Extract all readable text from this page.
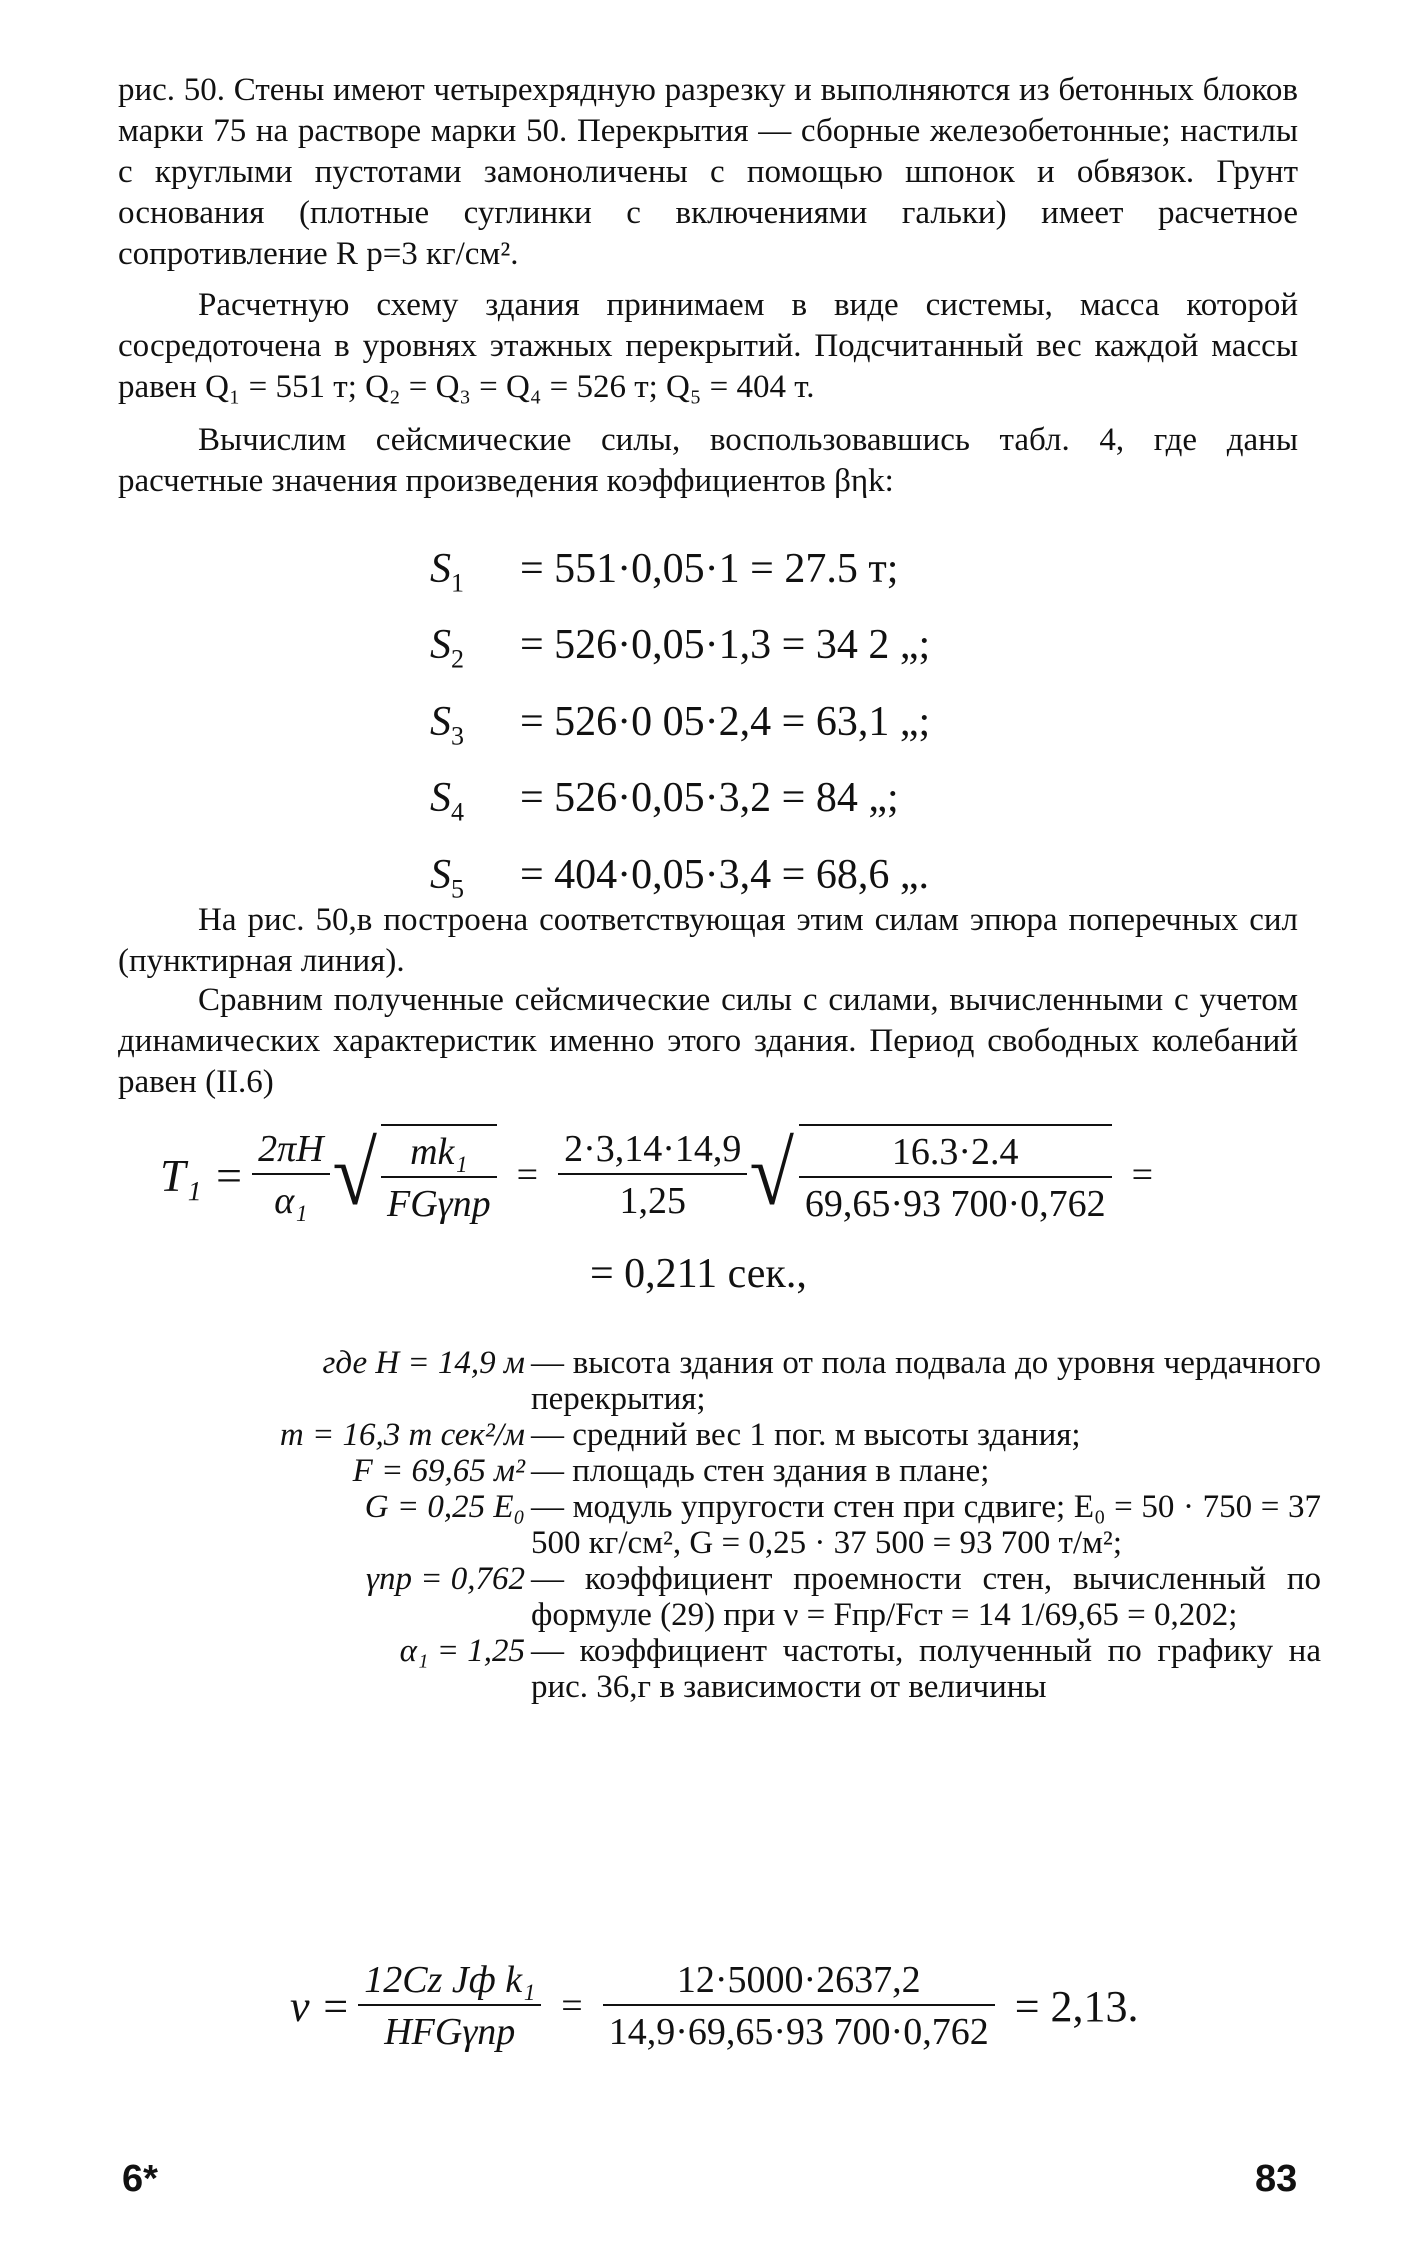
рис. 50. Стены имеют четырехрядную разрезку и выполняются из бетонных блоков марки 75 на растворе марки 50. Перекрытия — сборные железобетонные; настилы с круглыми пустотами замоноличены с помощью шпонок и обвязок. Грунт основания (плотные суглинки с включениями гальки) имеет расчетное сопротивление R р=3 кг/см².

Расчетную схему здания принимаем в виде системы, масса которой сосредоточена в уровнях этажных перекрытий. Подсчитанный вес каждой массы равен Q₁ = 551 т; Q₂ = Q₃ = Q₄ = 526 т; Q₅ = 404 т.

Вычислим сейсмические силы, воспользовавшись табл. 4, где даны расчетные значения произведения коэффициентов βηk:

$S_1 = 551\cdot 0,05\cdot 1 = 27.5$ т;
$S_2 = 526\cdot 0,05\cdot 1,3 = 34$ 2 „;
$S_3 = 526\cdot 0$ 05·2,4 = 63,1 „;
$S_4 = 526\cdot 0,05\cdot 3,2 = 84$ „;
$S_5 = 404\cdot 0,05\cdot 3,4 = 68,6$ „.

На рис. 50,в построена соответствующая этим силам эпюра поперечных сил (пунктирная линия).

Сравним полученные сейсмические силы с силами, вычисленными с учетом динамических характеристик именно этого здания. Период свободных колебаний равен (II.6)

$T_1 = \frac{2\pi H}{\text{α₁}}$ √ $\frac{\text{mk₁}}{\text{FGγпр}} = \frac{2\cdot 3,14\cdot 14,9}{1,25}$ √ $\frac{16.3\cdot 2.4}{69,65\cdot 93 700\cdot 0,762}$ =
= 0,211 сек.,
где H = 14,9 м — высота здания от пола подвала до уровня чердачного перекрытия;
m = 16,3 т сек²/м — средний вес 1 пог. м высоты здания;
F = 69,65 м² — площадь стен здания в плане;
G = 0,25 E₀ — модуль упругости стен при сдвиге; E₀ = 50 · 750 = 37 500 кг/см², G = 0,25 · 37 500 = 93 700 т/м²;
γпр = 0,762 — коэффициент проемности стен, вычисленный по формуле (29) при ν = Fпр/Fст = 14 1/69,65 = 0,202;
α₁ = 1,25 — коэффициент частоты, полученный по графику на рис. 36,г в зависимости от величины
$v = \frac{\text{12Cz Jф k₁}}{\text{HFGγпр}} = \frac{12\cdot 5000\cdot 2637,2}{14,9\cdot 69,65\cdot 93 700\cdot 0,762} = 2,13$.
6*	83
